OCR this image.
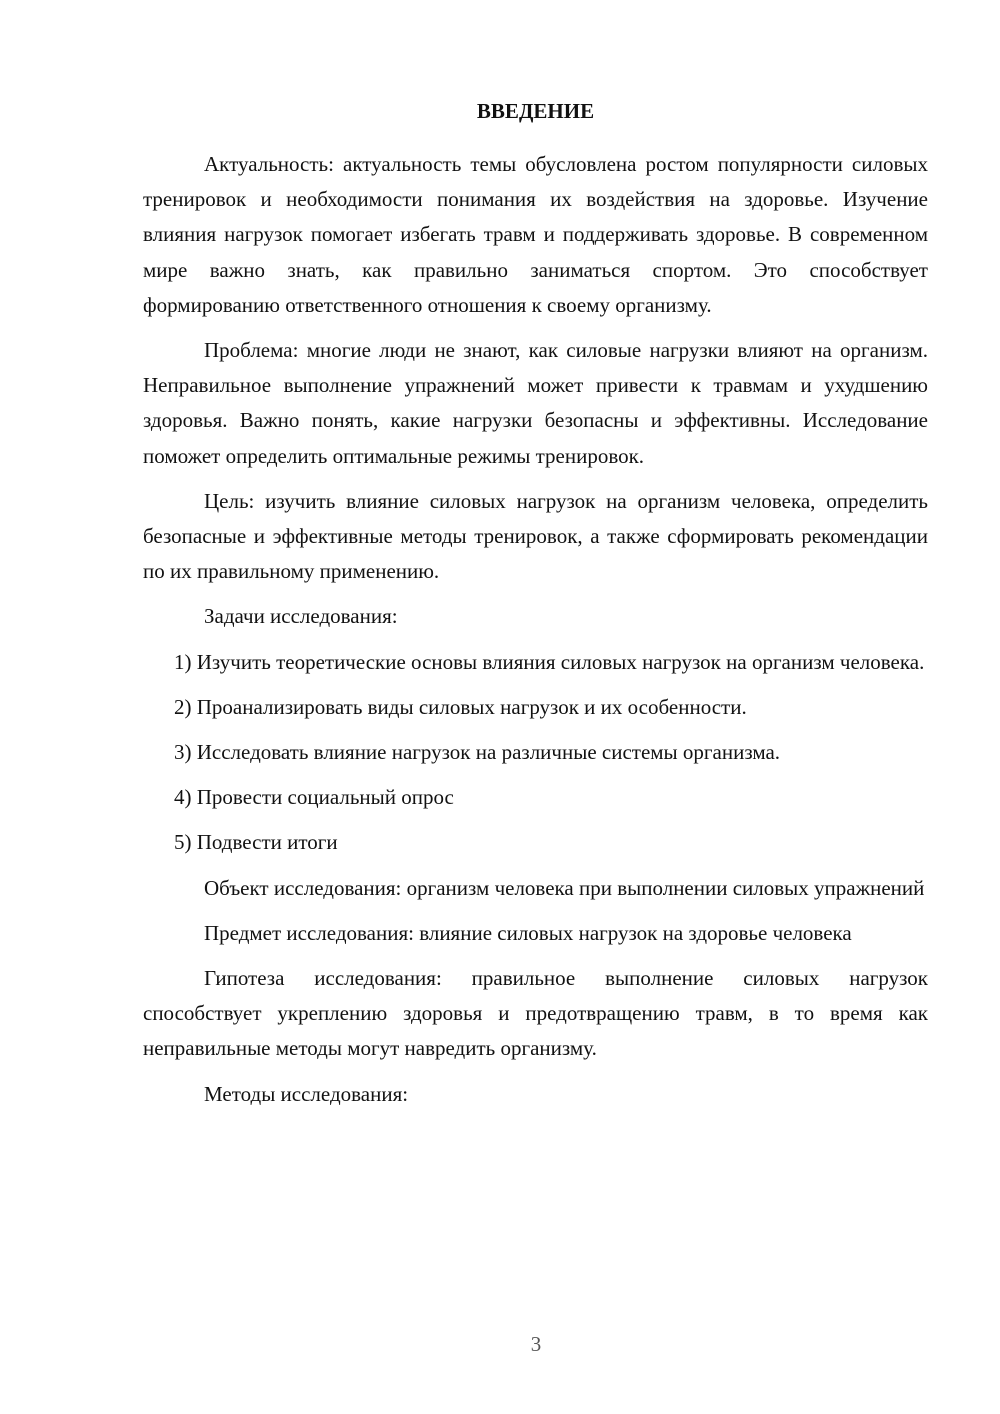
ВВЕДЕНИЕ

Актуальность: актуальность темы обусловлена ростом популярности силовых тренировок и необходимости понимания их воздействия на здоровье. Изучение влияния нагрузок помогает избегать травм и поддерживать здоровье. В современном мире важно знать, как правильно заниматься спортом. Это способствует формированию ответственного отношения к своему организму.

Проблема: многие люди не знают, как силовые нагрузки влияют на организм. Неправильное выполнение упражнений может привести к травмам и ухудшению здоровья. Важно понять, какие нагрузки безопасны и эффективны. Исследование поможет определить оптимальные режимы тренировок.

Цель: изучить влияние силовых нагрузок на организм человека, определить безопасные и эффективные методы тренировок, а также сформировать рекомендации по их правильному применению.

Задачи исследования:

1) Изучить теоретические основы влияния силовых нагрузок на организм человека.

2) Проанализировать виды силовых нагрузок и их особенности.

3) Исследовать влияние нагрузок на различные системы организма.

4) Провести социальный опрос

5) Подвести итоги

Объект исследования: организм человека при выполнении силовых упражнений

Предмет исследования: влияние силовых нагрузок на здоровье человека

Гипотеза исследования: правильное выполнение силовых нагрузок способствует укреплению здоровья и предотвращению травм, в то время как неправильные методы могут навредить организму.

Методы исследования:

3
